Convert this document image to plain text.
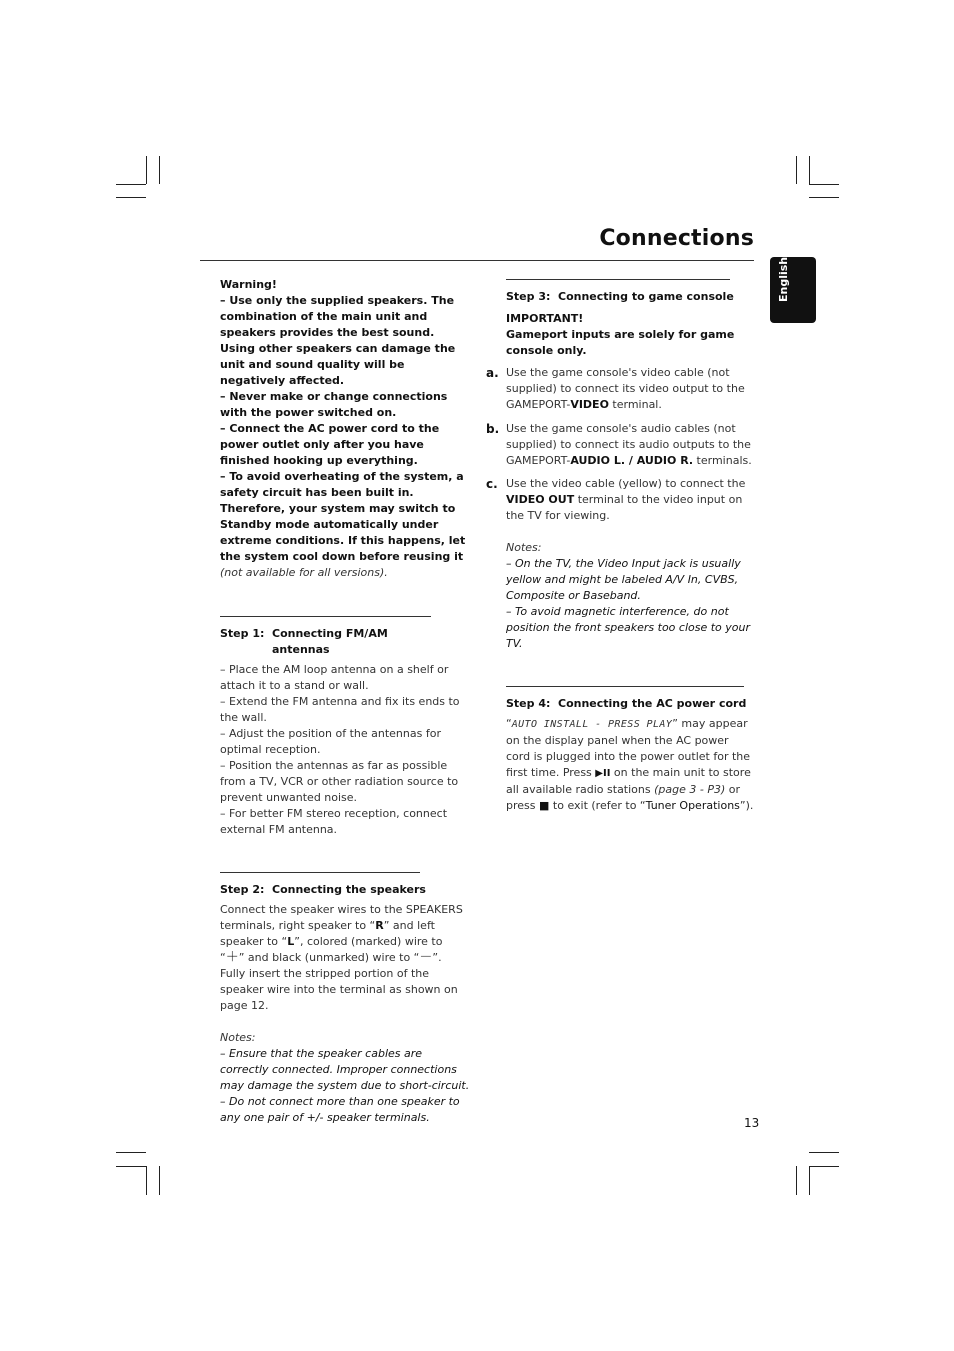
Connections
English

Warning!

– Use only the supplied speakers. The combination of the main unit and speakers provides the best sound. Using other speakers can damage the unit and sound quality will be negatively affected.

– Never make or change connections with the power switched on.

– Connect the AC power cord to the power outlet only after you have finished hooking up everything.

– To avoid overheating of the system, a safety circuit has been built in. Therefore, your system may switch to Standby mode automatically under extreme conditions. If this happens, let the system cool down before reusing it (not available for all versions).

Step 1: Connecting FM/AM antennas

– Place the AM loop antenna on a shelf or attach it to a stand or wall.

– Extend the FM antenna and fix its ends to the wall.

– Adjust the position of the antennas for optimal reception.

– Position the antennas as far as possible from a TV, VCR or other radiation source to prevent unwanted noise.

– For better FM stereo reception, connect external FM antenna.

Step 2: Connecting the speakers

Connect the speaker wires to the SPEAKERS terminals, right speaker to “R” and left speaker to “L”, colored (marked) wire to “＋” and black (unmarked) wire to “－”. Fully insert the stripped portion of the speaker wire into the terminal as shown on page 12.

Notes:

– Ensure that the speaker cables are correctly connected. Improper connections may damage the system due to short-circuit.

– Do not connect more than one speaker to any one pair of +/- speaker terminals.

Step 3: Connecting to game console

IMPORTANT!

Gameport inputs are solely for game console only.

a. Use the game console's video cable (not supplied) to connect its video output to the GAMEPORT-VIDEO terminal.

b. Use the game console's audio cables (not supplied) to connect its audio outputs to the GAMEPORT-AUDIO L. / AUDIO R. terminals.

c. Use the video cable (yellow) to connect the VIDEO OUT terminal to the video input on the TV for viewing.

Notes:

– On the TV, the Video Input jack is usually yellow and might be labeled A/V In, CVBS, Composite or Baseband.

– To avoid magnetic interference, do not position the front speakers too close to your TV.

Step 4: Connecting the AC power cord

“AUTO INSTALL - PRESS PLAY” may appear on the display panel when the AC power cord is plugged into the power outlet for the first time. Press ▶II on the main unit to store all available radio stations (page 3 - P3) or press ■ to exit (refer to “Tuner Operations”).

13
